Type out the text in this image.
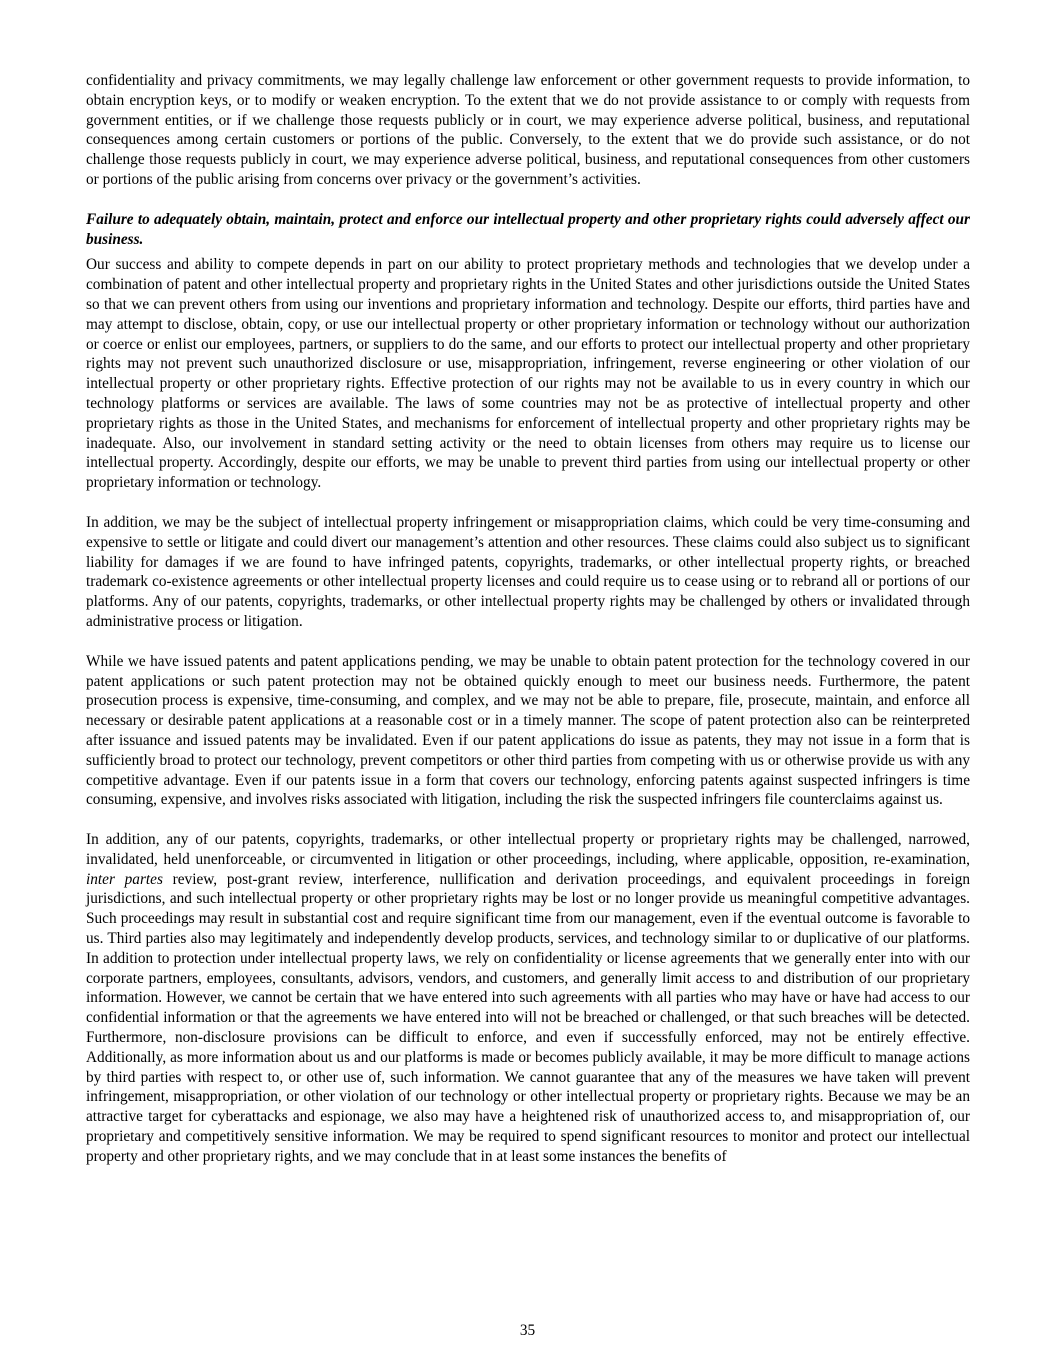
confidentiality and privacy commitments, we may legally challenge law enforcement or other government requests to provide information, to obtain encryption keys, or to modify or weaken encryption. To the extent that we do not provide assistance to or comply with requests from government entities, or if we challenge those requests publicly or in court, we may experience adverse political, business, and reputational consequences among certain customers or portions of the public. Conversely, to the extent that we do provide such assistance, or do not challenge those requests publicly in court, we may experience adverse political, business, and reputational consequences from other customers or portions of the public arising from concerns over privacy or the government’s activities.

Failure to adequately obtain, maintain, protect and enforce our intellectual property and other proprietary rights could adversely affect our business.

Our success and ability to compete depends in part on our ability to protect proprietary methods and technologies that we develop under a combination of patent and other intellectual property and proprietary rights in the United States and other jurisdictions outside the United States so that we can prevent others from using our inventions and proprietary information and technology. Despite our efforts, third parties have and may attempt to disclose, obtain, copy, or use our intellectual property or other proprietary information or technology without our authorization or coerce or enlist our employees, partners, or suppliers to do the same, and our efforts to protect our intellectual property and other proprietary rights may not prevent such unauthorized disclosure or use, misappropriation, infringement, reverse engineering or other violation of our intellectual property or other proprietary rights. Effective protection of our rights may not be available to us in every country in which our technology platforms or services are available. The laws of some countries may not be as protective of intellectual property and other proprietary rights as those in the United States, and mechanisms for enforcement of intellectual property and other proprietary rights may be inadequate. Also, our involvement in standard setting activity or the need to obtain licenses from others may require us to license our intellectual property. Accordingly, despite our efforts, we may be unable to prevent third parties from using our intellectual property or other proprietary information or technology.

In addition, we may be the subject of intellectual property infringement or misappropriation claims, which could be very time-consuming and expensive to settle or litigate and could divert our management’s attention and other resources. These claims could also subject us to significant liability for damages if we are found to have infringed patents, copyrights, trademarks, or other intellectual property rights, or breached trademark co-existence agreements or other intellectual property licenses and could require us to cease using or to rebrand all or portions of our platforms. Any of our patents, copyrights, trademarks, or other intellectual property rights may be challenged by others or invalidated through administrative process or litigation.

While we have issued patents and patent applications pending, we may be unable to obtain patent protection for the technology covered in our patent applications or such patent protection may not be obtained quickly enough to meet our business needs. Furthermore, the patent prosecution process is expensive, time-consuming, and complex, and we may not be able to prepare, file, prosecute, maintain, and enforce all necessary or desirable patent applications at a reasonable cost or in a timely manner. The scope of patent protection also can be reinterpreted after issuance and issued patents may be invalidated. Even if our patent applications do issue as patents, they may not issue in a form that is sufficiently broad to protect our technology, prevent competitors or other third parties from competing with us or otherwise provide us with any competitive advantage. Even if our patents issue in a form that covers our technology, enforcing patents against suspected infringers is time consuming, expensive, and involves risks associated with litigation, including the risk the suspected infringers file counterclaims against us.

In addition, any of our patents, copyrights, trademarks, or other intellectual property or proprietary rights may be challenged, narrowed, invalidated, held unenforceable, or circumvented in litigation or other proceedings, including, where applicable, opposition, re-examination, inter partes review, post-grant review, interference, nullification and derivation proceedings, and equivalent proceedings in foreign jurisdictions, and such intellectual property or other proprietary rights may be lost or no longer provide us meaningful competitive advantages. Such proceedings may result in substantial cost and require significant time from our management, even if the eventual outcome is favorable to us. Third parties also may legitimately and independently develop products, services, and technology similar to or duplicative of our platforms. In addition to protection under intellectual property laws, we rely on confidentiality or license agreements that we generally enter into with our corporate partners, employees, consultants, advisors, vendors, and customers, and generally limit access to and distribution of our proprietary information. However, we cannot be certain that we have entered into such agreements with all parties who may have or have had access to our confidential information or that the agreements we have entered into will not be breached or challenged, or that such breaches will be detected. Furthermore, non-disclosure provisions can be difficult to enforce, and even if successfully enforced, may not be entirely effective. Additionally, as more information about us and our platforms is made or becomes publicly available, it may be more difficult to manage actions by third parties with respect to, or other use of, such information. We cannot guarantee that any of the measures we have taken will prevent infringement, misappropriation, or other violation of our technology or other intellectual property or proprietary rights. Because we may be an attractive target for cyberattacks and espionage, we also may have a heightened risk of unauthorized access to, and misappropriation of, our proprietary and competitively sensitive information. We may be required to spend significant resources to monitor and protect our intellectual property and other proprietary rights, and we may conclude that in at least some instances the benefits of

35
